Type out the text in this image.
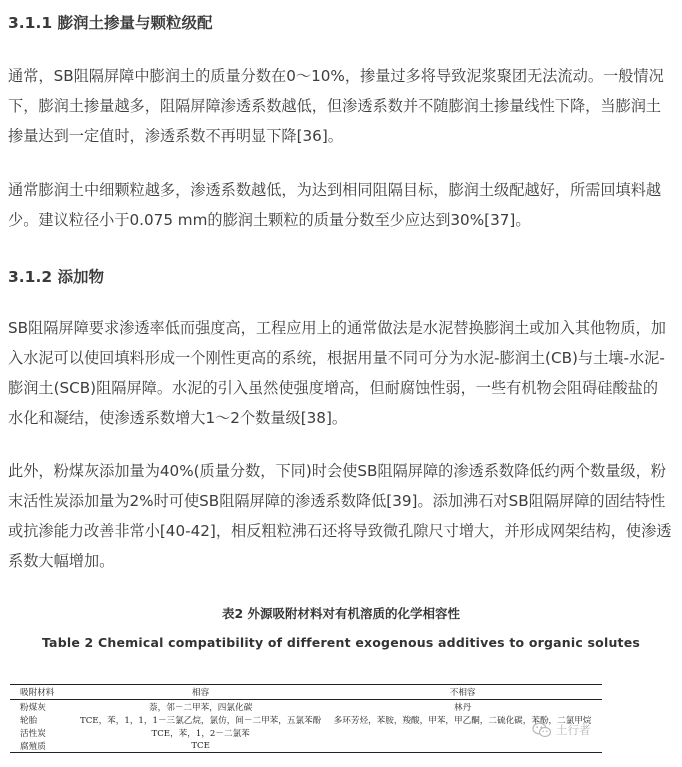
3.1.1 膨润土掺量与颗粒级配

通常，SB阻隔屏障中膨润土的质量分数在0～10%，掺量过多将导致泥浆聚团无法流动。一般情况下，膨润土掺量越多，阻隔屏障渗透系数越低，但渗透系数并不随膨润土掺量线性下降，当膨润土掺量达到一定值时，渗透系数不再明显下降[36]。

通常膨润土中细颗粒越多，渗透系数越低，为达到相同阻隔目标，膨润土级配越好，所需回填料越少。建议粒径小于0.075 mm的膨润土颗粒的质量分数至少应达到30%[37]。

3.1.2 添加物

SB阻隔屏障要求渗透率低而强度高，工程应用上的通常做法是水泥替换膨润土或加入其他物质，加入水泥可以使回填料形成一个刚性更高的系统，根据用量不同可分为水泥-膨润土(CB)与土壤-水泥-膨润土(SCB)阻隔屏障。水泥的引入虽然使强度增高，但耐腐蚀性弱，一些有机物会阻碍硅酸盐的水化和凝结，使渗透系数增大1～2个数量级[38]。

此外，粉煤灰添加量为40%(质量分数，下同)时会使SB阻隔屏障的渗透系数降低约两个数量级，粉末活性炭添加量为2%时可使SB阻隔屏障的渗透系数降低[39]。添加沸石对SB阻隔屏障的固结特性或抗渗能力改善非常小[40-42]，相反粗粒沸石还将导致微孔隙尺寸增大，并形成网架结构，使渗透系数大幅增加。

表2 外源吸附材料对有机溶质的化学相容性

Table 2 Chemical compatibility of different exogenous additives to organic solutes

吸附材料	相容	不相容
粉煤灰	萘，邻－二甲苯，四氯化碳	林丹
轮胎	TCE，苯，1，1，1－三氯乙烷，氯仿，间－二甲苯，五氯苯酚	多环芳烃，苯胺，羧酸，甲苯，甲乙酮，二硫化碳，苯酚，二氯甲烷
活性炭	TCE，苯，1，2－二氯苯	
腐殖质	TCE	
土行者
